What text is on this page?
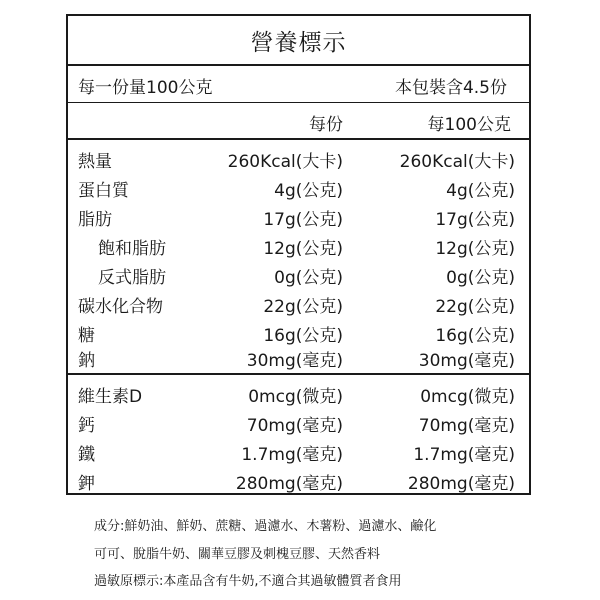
營養標示
每一份量100公克	本包裝含4.5份
每份	每100公克
熱量	260Kcal(大卡)	260Kcal(大卡)
蛋白質	4g(公克)	4g(公克)
脂肪	17g(公克)	17g(公克)
飽和脂肪	12g(公克)	12g(公克)
反式脂肪	0g(公克)	0g(公克)
碳水化合物	22g(公克)	22g(公克)
糖	16g(公克)	16g(公克)
鈉	30mg(毫克)	30mg(毫克)
維生素D	0mcg(微克)	0mcg(微克)
鈣	70mg(毫克)	70mg(毫克)
鐵	1.7mg(毫克)	1.7mg(毫克)
鉀	280mg(毫克)	280mg(毫克)
成分:鮮奶油、鮮奶、蔗糖、過濾水、木薯粉、過濾水、鹼化
可可、脫脂牛奶、關華豆膠及刺槐豆膠、天然香料
過敏原標示:本產品含有牛奶,不適合其過敏體質者食用
